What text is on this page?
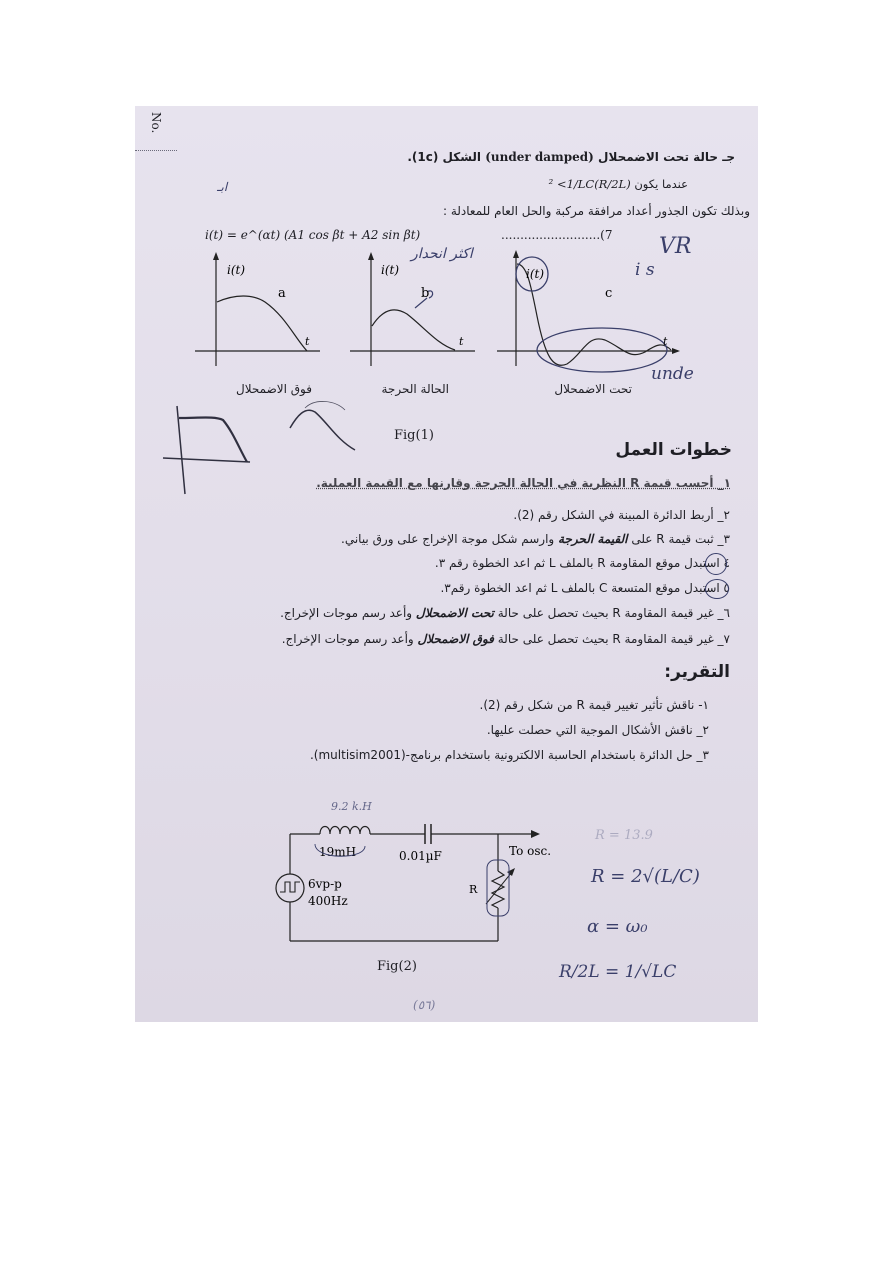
No.
جـ حالة تحت الاضمحلال (under damped) الشكل (1c).
ابـ	عندما يكون (R/2L)² <1/LC
وبذلك تكون الجذور أعداد مرافقة مركبة والحل العام للمعادلة :
i(t) = e^(αt) (A1 cos βt + A2 sin βt)	..........................(7 VR
i(t)	i(t)	i(t)
t	t	t
a	b	c
اكثر انحدار
i s
unde
فوق الاضمحلال	الحالة الحرجة	تحت الاضمحلال
Fig(1)
خطوات العمل
١_ أحسب قيمة R النظرية في الحالة الحرجة وقارنها مع القيمة العملية.
٢_ أربط الدائرة المبينة في الشكل رقم (2).
٣_ ثبت قيمة R على القيمة الحرجة وارسم شكل موجة الإخراج على ورق بياني.
٤ استبدل موقع المقاومة R بالملف L ثم اعد الخطوة رقم ٣.
٥ استبدل موقع المتسعة C بالملف L ثم اعد الخطوة رقم٣.
٦_ غير قيمة المقاومة R بحيث تحصل على حالة تحت الاضمحلال وأعد رسم موجات الإخراج.
٧_ غير قيمة المقاومة R بحيث تحصل على حالة فوق الاضمحلال وأعد رسم موجات الإخراج.
التقرير:
١- ناقش تأثير تغيير قيمة R من شكل رقم (2).
٢_ ناقش الأشكال الموجية التي حصلت عليها.
٣_ حل الدائرة باستخدام الحاسبة الالكترونية باستخدام برنامج-(multisim2001).
9.2 k.H
19mH	0.01µF	To osc.
6vp-p
400Hz
R
Fig(2)
R = 13.9
R = 2√(L/C)
α = ω₀
R/2L = 1/√LC
(٥٦)
